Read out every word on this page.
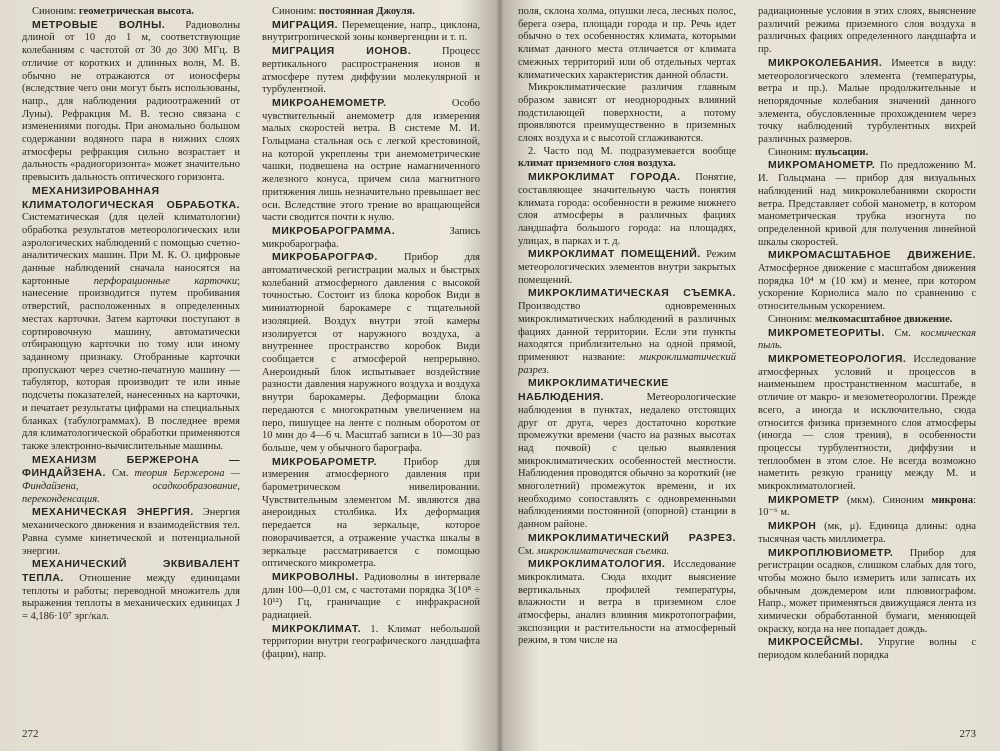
Синоним: геометрическая высота.

МЕТРОВЫЕ ВОЛНЫ. Радиоволны длиной от 10 до 1 м, соответствующие колебаниям с частотой от 30 до 300 МГц. В отличие от коротких и длинных волн, М. В. обычно не отражаются от ионосферы (вследствие чего они могут быть использованы, напр., для наблюдения радиоотражений от Луны). Рефракция М. В. тесно связана с изменениями погоды. При аномально большом содержании водяного пара в нижних слоях атмосферы рефракция сильно возрастает и дальность «радиогоризонта» может значительно превысить дальность оптического горизонта.

МЕХАНИЗИРОВАННАЯ КЛИМАТОЛОГИЧЕСКАЯ ОБРАБОТКА. Систематическая (для целей климатологии) обработка результатов метеорологических или аэрологических наблюдений с помощью счетно-аналитических машин. При М. К. О. цифровые данные наблюдений сначала наносятся на картонные перфорационные карточки; нанесение производится путем пробивания отверстий, расположенных в определенных местах карточки. Затем карточки поступают в сортировочную машину, автоматически отбирающую карточки по тому или иному заданному признаку. Отобранные карточки пропускают через счетно-печатную машину — табулятор, которая производит те или иные подсчеты показателей, нанесенных на карточки, и печатает результаты цифрами на специальных бланках (табулограммах). В последнее время для климатологической обработки применяются также электронно-вычислительные машины.

МЕХАНИЗМ БЕРЖЕРОНА — ФИНДАЙЗЕНА. См. теория Бержерона — Финдайзена, осадкообразование, переконденсация.

МЕХАНИЧЕСКАЯ ЭНЕРГИЯ. Энергия механического движения и взаимодействия тел. Равна сумме кинетической и потенциальной энергии.

МЕХАНИЧЕСКИЙ ЭКВИВАЛЕНТ ТЕПЛА. Отношение между единицами теплоты и работы; переводной множитель для выражения теплоты в механических единицах J = 4,186·10⁷ эрг/кал.

Синоним: постоянная Джоуля.

МИГРАЦИЯ. Перемещение, напр., циклона, внутритропической зоны конвергенции и т. п.

МИГРАЦИЯ ИОНОВ. Процесс вертикального распространения ионов в атмосфере путем диффузии молекулярной и турбулентной.

МИКРОАНЕМОМЕТР. Особо чувствительный анемометр для измерения малых скоростей ветра. В системе М. И. Гольцмана стальная ось с легкой крестовиной, на которой укреплены три анемометрические чашки, подвешена на острие намагниченного железного конуса, причем сила магнитного притяжения лишь незначительно превышает вес оси. Вследствие этого трение во вращающейся части сводится почти к нулю.

МИКРОБАРОГРАММА. Запись микробарографа.

МИКРОБАРОГРАФ. Прибор для автоматической регистрации малых и быстрых колебаний атмосферного давления с высокой точностью. Состоит из блока коробок Види в миниатюрной барокамере с тщательной изоляцией. Воздух внутри этой камеры изолируется от наружного воздуха, а внутреннее пространство коробок Види сообщается с атмосферой непрерывно. Анероидный блок испытывает воздействие разности давления наружного воздуха и воздуха внутри барокамеры. Деформации блока передаются с многократным увеличением на перо, пишущее на ленте с полным оборотом от 10 мин до 4—6 ч. Масштаб записи в 10—30 раз больше, чем у обычного барографа.

МИКРОБАРОМЕТР. Прибор для измерения атмосферного давления при барометрическом нивелировании. Чувствительным элементом М. являются два анероидных столбика. Их деформация передается на зеркальце, которое поворачивается, а отражение участка шкалы в зеркальце рассматривается с помощью оптического микрометра.

МИКРОВОЛНЫ. Радиоволны в интервале длин 100—0,01 см, с частотами порядка 3(10⁸ ÷ 10¹²) Гц, граничащие с инфракрасной радиацией.

МИКРОКЛИМАТ. 1. Климат небольшой территории внутри географического ландшафта (фации), напр.

272

поля, склона холма, опушки леса, лесных полос, берега озера, площади города и пр. Речь идет обычно о тех особенностях климата, которыми климат данного места отличается от климата смежных территорий или об отдельных чертах климатических характеристик данной области.

Микроклиматические различия главным образом зависят от неоднородных влияний подстилающей поверхности, а потому проявляются преимущественно в приземных слоях воздуха и с высотой сглаживаются.

2. Часто под М. подразумевается вообще климат приземного слоя воздуха.

МИКРОКЛИМАТ ГОРОДА. Понятие, составляющее значительную часть понятия климата города: особенности в режиме нижнего слоя атмосферы в различных фациях ландшафта большого города: на площадях, улицах, в парках и т. д.

МИКРОКЛИМАТ ПОМЕЩЕНИЙ. Режим метеорологических элементов внутри закрытых помещений.

МИКРОКЛИМАТИЧЕСКАЯ СЪЕМКА. Производство одновременных микроклиматических наблюдений в различных фациях данной территории. Если эти пункты находятся приблизительно на одной прямой, применяют название: микроклиматический разрез.

МИКРОКЛИМАТИЧЕСКИЕ НАБЛЮДЕНИЯ. Метеорологические наблюдения в пунктах, недалеко отстоящих друг от друга, через достаточно короткие промежутки времени (часто на разных высотах над почвой) с целью выявления микроклиматических особенностей местности. Наблюдения проводятся обычно за короткий (не многолетний) промежуток времени, и их необходимо сопоставлять с одновременными наблюдениями постоянной (опорной) станции в данном районе.

МИКРОКЛИМАТИЧЕСКИЙ РАЗРЕЗ. См. микроклиматическая съемка.

МИКРОКЛИМАТОЛОГИЯ. Исследование микроклимата. Сюда входит выяснение вертикальных профилей температуры, влажности и ветра в приземном слое атмосферы, анализ влияния микротопографии, экспозиции и растительности на атмосферный режим, в том числе на

радиационные условия в этих слоях, выяснение различий режима приземного слоя воздуха в различных фациях определенного ландшафта и пр.

МИКРОКОЛЕБАНИЯ. Имеется в виду: метеорологического элемента (температуры, ветра и пр.). Малые продолжительные и непорядочные колебания значений данного элемента, обусловленные прохождением через точку наблюдений турбулентных вихрей различных размеров.

Синоним: пульсации.

МИКРОМАНОМЕТР. По предложению М. И. Гольцмана — прибор для визуальных наблюдений над микроколебаниями скорости ветра. Представляет собой манометр, в котором манометрическая трубка изогнута по определенной кривой для получения линейной шкалы скоростей.

МИКРОМАСШТАБНОЕ ДВИЖЕНИЕ. Атмосферное движение с масштабом движения порядка 10⁴ м (10 км) и менее, при котором ускорение Кориолиса мало по сравнению с относительным ускорением.

Синоним: мелкомасштабное движение.

МИКРОМЕТЕОРИТЫ. См. космическая пыль.

МИКРОМЕТЕОРОЛОГИЯ. Исследование атмосферных условий и процессов в наименьшем пространственном масштабе, в отличие от макро- и мезометеорологии. Прежде всего, а иногда и исключительно, сюда относится физика приземного слоя атмосферы (иногда — слоя трения), в особенности процессы турбулентности, диффузии и теплообмен в этом слое. Не всегда возможно наметить резкую границу между М. и микроклиматологией.

МИКРОМЕТР (мкм). Синоним микрона: 10⁻⁶ м.

МИКРОН (мк, μ). Единица длины: одна тысячная часть миллиметра.

МИКРОПЛЮВИОМЕТР. Прибор для регистрации осадков, слишком слабых для того, чтобы можно было измерить или записать их обычным дождемером или плювиографом. Напр., может применяться движущаяся лента из химически обработанной бумаги, меняющей окраску, когда на нее попадает дождь.

МИКРОСЕЙСМЫ. Упругие волны с периодом колебаний порядка

273
